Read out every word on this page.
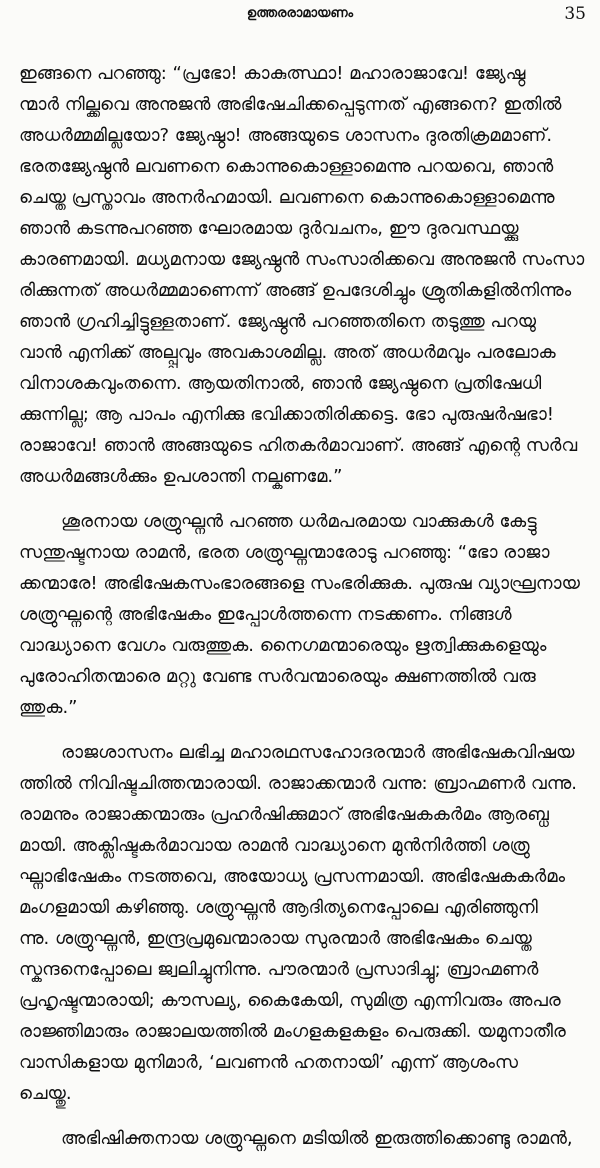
ഉത്തരരാമായണം	35
ഇങ്ങനെ പറഞ്ഞു: “പ്രഭോ! കാകുത്സ്ഥാ! മഹാരാജാവേ! ജ്യേഷ്ഠ
ന്മാർ നില്ക്കവെ അനുജൻ അഭിഷേചിക്കപ്പെടുന്നത് എങ്ങനെ? ഇതിൽ
അധർമ്മമില്ലയോ? ജ്യേഷ്ഠാ! അങ്ങയുടെ ശാസനം ദുരതിക്രമമാണ്.
ഭരതജ്യേഷ്ഠൻ ലവണനെ കൊന്നുകൊള്ളാമെന്നു പറയവെ, ഞാൻ
ചെയ്ത പ്രസ്താവം അനർഹമായി. ലവണനെ കൊന്നുകൊള്ളാമെന്നു
ഞാൻ കടന്നുപറഞ്ഞ ഘോരമായ ദുർവചനം, ഈ ദുരവസ്ഥയ്ക്കു
കാരണമായി. മധ്യമനായ ജ്യേഷ്ഠൻ സംസാരിക്കവെ അനുജൻ സംസാ
രിക്കുന്നത് അധർമ്മമാണെന്ന് അങ്ങ് ഉപദേശിച്ചും ശ്രുതികളിൽനിന്നും
ഞാൻ ഗ്രഹിച്ചിട്ടുള്ളതാണ്. ജ്യേഷ്ഠൻ പറഞ്ഞതിനെ തടുത്തു പറയു
വാൻ എനിക്ക് അല്പ്പവും അവകാശമില്ല. അത് അധർമവും പരലോക
വിനാശകവുംതന്നെ. ആയതിനാൽ, ഞാൻ ജ്യേഷ്ഠനെ പ്രതിഷേധി
ക്കുന്നില്ല; ആ പാപം എനിക്കു ഭവിക്കാതിരിക്കട്ടെ. ഭോ പുരുഷർഷഭാ!
രാജാവേ! ഞാൻ അങ്ങയുടെ ഹിതകർമാവാണ്. അങ്ങ് എന്റെ സർവ
അധർമങ്ങൾക്കും ഉപശാന്തി നല്കണമേ.”
ശൂരനായ ശത്രുഘ്നൻ പറഞ്ഞ ധർമപരമായ വാക്കുകൾ കേട്ടു
സന്തുഷ്ടനായ രാമൻ, ഭരത ശത്രുഘ്നന്മാരോടു പറഞ്ഞു: “ഭോ രാജാ
ക്കന്മാരേ! അഭിഷേകസംഭാരങ്ങളെ സംഭരിക്കുക. പുരുഷ വ്യാഘ്രനായ
ശത്രുഘ്നന്റെ അഭിഷേകം ഇപ്പോൾത്തന്നെ നടക്കണം. നിങ്ങൾ
വാദ്ധ്യാനെ വേഗം വരുത്തുക. നൈഗമന്മാരെയും ഋത്വിക്കുകളെയും
പുരോഹിതന്മാരെ മറ്റു വേണ്ട സർവന്മാരെയും ക്ഷണത്തിൽ വരു
ത്തുക.”
രാജശാസനം ലഭിച്ച മഹാരഥസഹോദരന്മാർ അഭിഷേകവിഷയ
ത്തിൽ നിവിഷ്ടചിത്തന്മാരായി. രാജാക്കന്മാർ വന്നു: ബ്രാഹ്മണർ വന്നു.
രാമനും രാജാക്കന്മാരും പ്രഹർഷിക്കുമാറ് അഭിഷേകകർമം ആരബ്ധ
മായി. അക്ലിഷ്ടകർമാവായ രാമൻ വാദ്ധ്യാനെ മുൻനിർത്തി ശത്രു
ഘ്നാഭിഷേകം നടത്തവെ, അയോധ്യ പ്രസന്നമായി. അഭിഷേകകർമം
മംഗളമായി കഴിഞ്ഞു. ശത്രുഘ്നൻ ആദിത്യനെപ്പോലെ എരിഞ്ഞുനി
ന്നു. ശത്രുഘ്നൻ, ഇന്ദ്രപ്രമുഖന്മാരായ സുരന്മാർ അഭിഷേകം ചെയ്ത
സ്കന്ദനെപ്പോലെ ജ്വലിച്ചുനിന്നു. പൗരന്മാർ പ്രസാദിച്ചു; ബ്രാഹ്മണർ
പ്രഹൃഷ്ടന്മാരായി; കൗസല്യ, കൈകേയി, സുമിത്ര എന്നിവരും അപര
രാജ്ഞിമാരും രാജാലയത്തിൽ മംഗളകളകളം പെരുക്കി. യമുനാതീര
വാസികളായ മുനിമാർ, ‘ലവണൻ ഹതനായി’ എന്ന് ആശംസ
ചെയ്തു.
അഭിഷിക്തനായ ശത്രുഘ്നനെ മടിയിൽ ഇരുത്തിക്കൊണ്ടു രാമൻ,
